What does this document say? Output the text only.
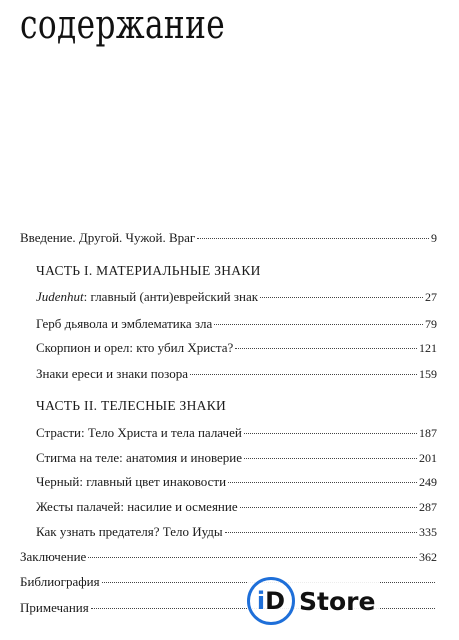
содержание
Введение. Другой. Чужой. Враг	9
ЧАСТЬ I. МАТЕРИАЛЬНЫЕ ЗНАКИ
Judenhut: главный (анти)еврейский знак	27
Герб дьявола и эмблематика зла	79
Скорпион и орел: кто убил Христа?	121
Знаки ереси и знаки позора	159
ЧАСТЬ II. ТЕЛЕСНЫЕ ЗНАКИ
Страсти: Тело Христа и тела палачей	187
Стигма на теле: анатомия и иноверие	201
Черный: главный цвет инаковости	249
Жесты палачей: насилие и осмеяние	287
Как узнать предателя? Тело Иуды	335
Заключение	362
Библиография
Примечания	i D Store
